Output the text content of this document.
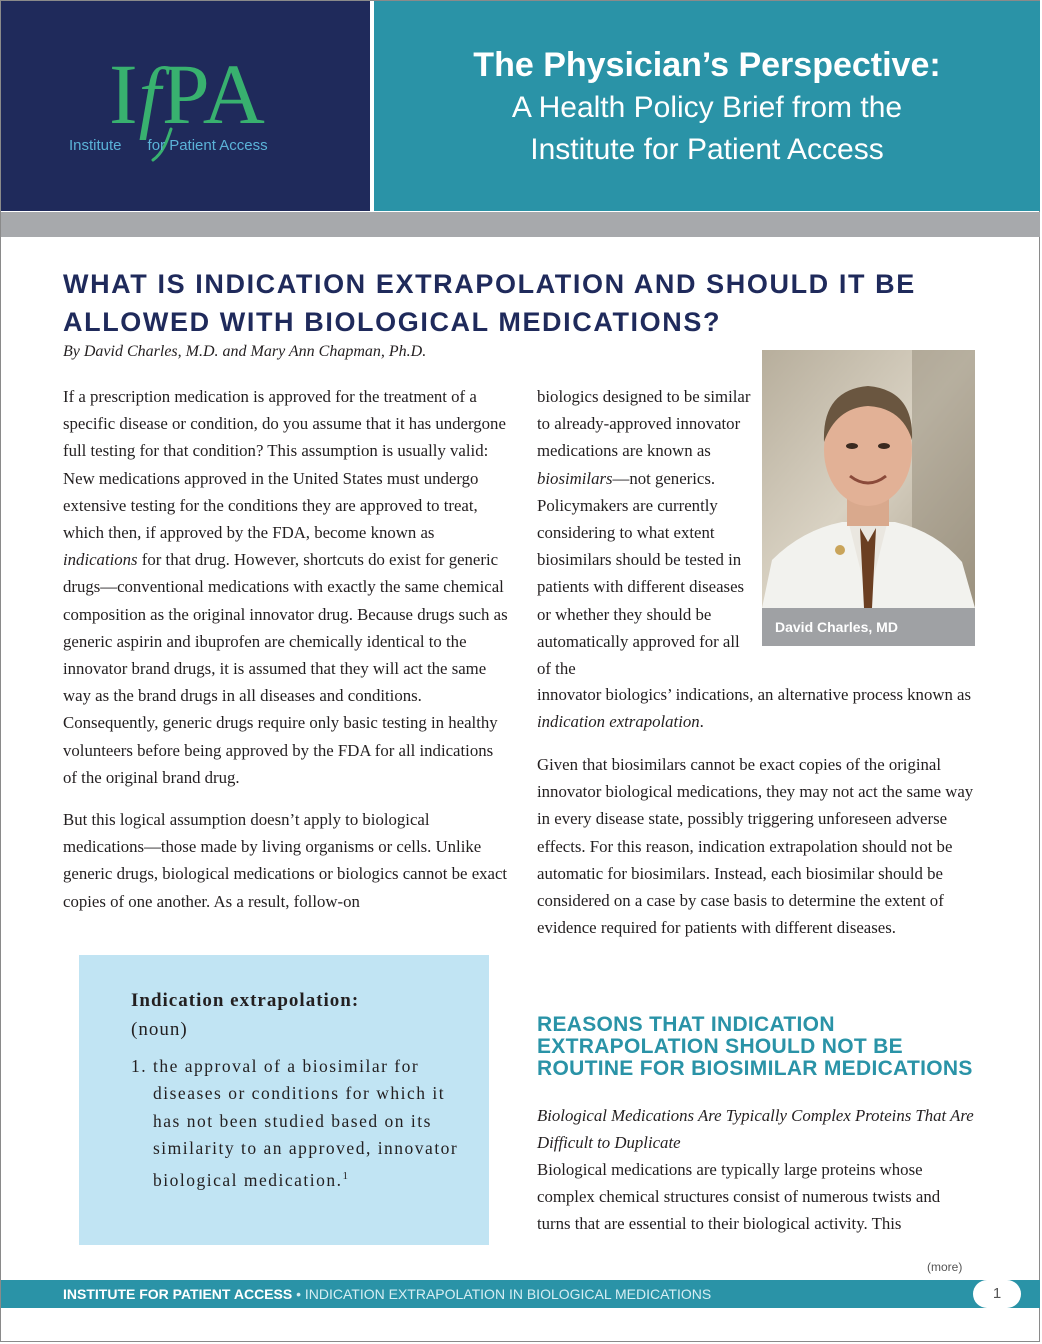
IfPA
Institute for Patient Access
The Physician’s Perspective:
A Health Policy Brief from the
Institute for Patient Access
WHAT IS INDICATION EXTRAPOLATION AND SHOULD IT BE ALLOWED WITH BIOLOGICAL MEDICATIONS?
By David Charles, M.D. and Mary Ann Chapman, Ph.D.

If a prescription medication is approved for the treatment of a specific disease or condition, do you assume that it has undergone full testing for that condition? This assumption is usually valid: New medications approved in the United States must undergo extensive testing for the conditions they are approved to treat, which then, if approved by the FDA, become known as indications for that drug. However, shortcuts do exist for generic drugs—conventional medications with exactly the same chemical composition as the original innovator drug. Because drugs such as generic aspirin and ibuprofen are chemically identical to the innovator brand drugs, it is assumed that they will act the same way as the brand drugs in all diseases and conditions. Consequently, generic drugs require only basic testing in healthy volunteers before being approved by the FDA for all indications of the original brand drug.

But this logical assumption doesn’t apply to biological medications—those made by living organisms or cells. Unlike generic drugs, biological medications or biologics cannot be exact copies of one another. As a result, follow-on

biologics designed to be similar to already-approved innovator medications are known as biosimilars—not generics. Policymakers are currently considering to what extent biosimilars should be tested in patients with different diseases or whether they should be automatically approved for all of the

innovator biologics’ indications, an alternative process known as indication extrapolation.

David Charles, MD

Given that biosimilars cannot be exact copies of the original innovator biological medications, they may not act the same way in every disease state, possibly triggering unforeseen adverse effects. For this reason, indication extrapolation should not be automatic for biosimilars. Instead, each biosimilar should be considered on a case by case basis to determine the extent of evidence required for patients with different diseases.

Indication extrapolation:
(noun)
1. the approval of a biosimilar for diseases or conditions for which it has not been studied based on its similarity to an approved, innovator biological medication.$^1$
REASONS THAT INDICATION EXTRAPOLATION SHOULD NOT BE ROUTINE FOR BIOSIMILAR MEDICATIONS
Biological Medications Are Typically Complex Proteins That Are Difficult to Duplicate

Biological medications are typically large proteins whose complex chemical structures consist of numerous twists and turns that are essential to their biological activity. This

(more)
INSTITUTE FOR PATIENT ACCESS • INDICATION EXTRAPOLATION IN BIOLOGICAL MEDICATIONS	1
